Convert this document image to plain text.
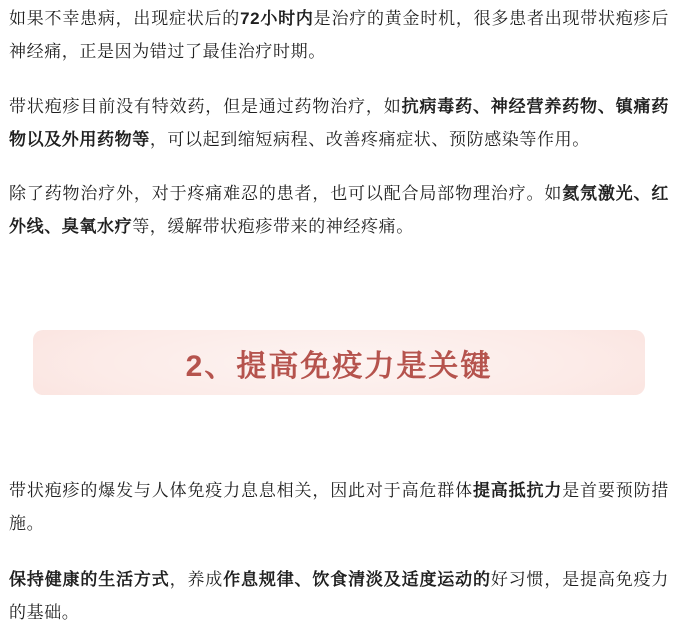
如果不幸患病，出现症状后的72小时内是治疗的黄金时机，很多患者出现带状疱疹后神经痛，正是因为错过了最佳治疗时期。

带状疱疹目前没有特效药，但是通过药物治疗，如抗病毒药、神经营养药物、镇痛药物以及外用药物等，可以起到缩短病程、改善疼痛症状、预防感染等作用。

除了药物治疗外，对于疼痛难忍的患者，也可以配合局部物理治疗。如氦氖激光、红外线、臭氧水疗等，缓解带状疱疹带来的神经疼痛。

2、提高免疫力是关键

带状疱疹的爆发与人体免疫力息息相关，因此对于高危群体提高抵抗力是首要预防措施。

保持健康的生活方式，养成作息规律、饮食清淡及适度运动的好习惯，是提高免疫力的基础。
